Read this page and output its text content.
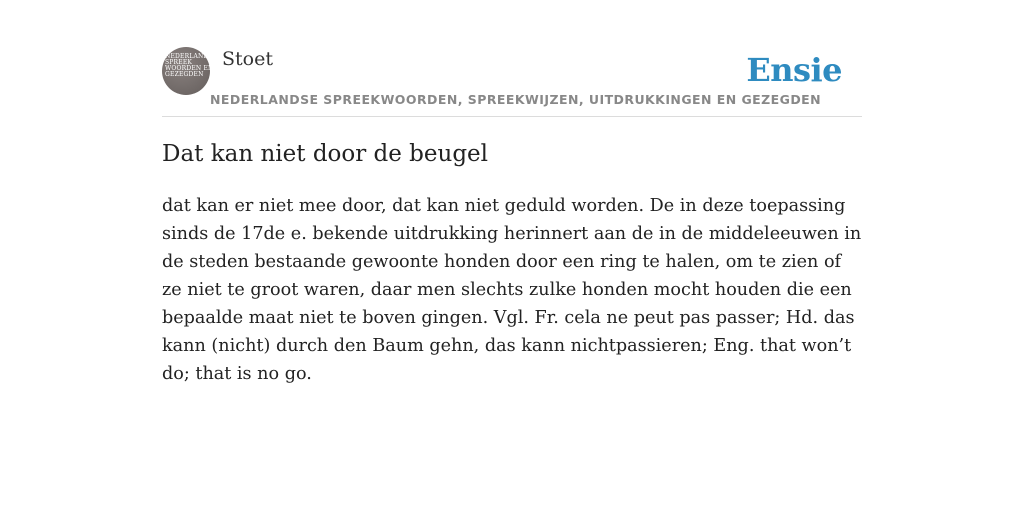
NEDERLANDSE
SPREEK
WOORDEN EN
GEZEGDEN
Stoet
NEDERLANDSE SPREEKWOORDEN, SPREEKWIJZEN, UITDRUKKINGEN EN GEZEGDEN
Ensie
Dat kan niet door de beugel

dat kan er niet mee door, dat kan niet geduld worden. De in deze toepassing sinds de 17de e. bekende uitdrukking herinnert aan de in de middeleeuwen in de steden bestaande gewoonte honden door een ring te halen, om te zien of ze niet te groot waren, daar men slechts zulke honden mocht houden die een bepaalde maat niet te boven gingen. Vgl. Fr. cela ne peut pas passer; Hd. das kann (nicht) durch den Baum gehn, das kann nichtpassieren; Eng. that won’t do; that is no go.
